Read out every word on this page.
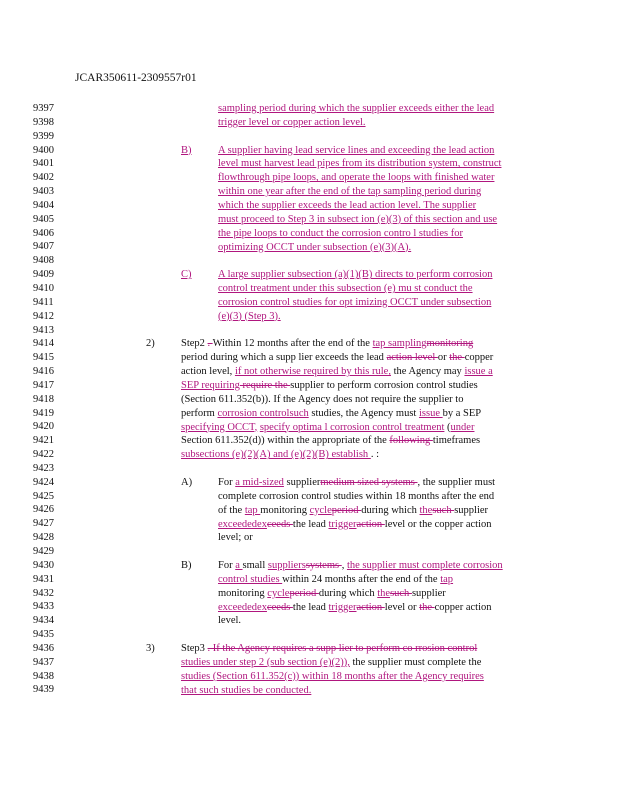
JCAR350611-2309557r01
9397
9398
9399
9400
9401
9402
9403
9404
9405
9406
9407
9408
9409
9410
9411
9412
9413
9414
9415
9416
9417
9418
9419
9420
9421
9422
9423
9424
9425
9426
9427
9428
9429
9430
9431
9432
9433
9434
9435
9436
9437
9438
9439
B)
C)
2)
A)
B)
3)
sampling period during which the supplier exceeds either the lead
trigger level or copper action level.
A supplier having lead service lines and exceeding the lead action
level must harvest lead pipes from its distribution system, construct
flowthrough pipe loops, and operate the loops with finished water
within one year after the end of the tap sampling period during
which the supplier exceeds the lead action level. The supplier
must proceed to Step 3 in subsect ion (e)(3) of this section and use
the pipe loops to conduct the corrosion contro l studies for
optimizing OCCT under subsection (e)(3)(A).
A large supplier subsection (a)(1)(B) directs to perform corrosion
control treatment under this subsection (e) mu st conduct the
corrosion control studies for opt imizing OCCT under subsection
(e)(3) (Step 3).
Step2 . Within 12 months after the end of the tap samplingmonitoring
period during which a supp lier exceeds the lead action level or the copper
action level, if not otherwise required by this rule, the Agency may issue a
SEP requiring require the supplier to perform corrosion control studies
(Section 611.352(b)). If the Agency does not require the supplier to
perform corrosion controlsuch studies, the Agency must issue by a SEP
specifying OCCT, specify optima l corrosion control treatment (under
Section 611.352(d)) within the appropriate of the following timeframes
subsections (e)(2)(A) and (e)(2)(B) establish . :
For a mid-sized suppliermedium sized systems , the supplier must
complete corrosion control studies within 18 months after the end
of the tap monitoring cycleperiod during which thesuch supplier
exceededexceeds the lead triggeraction level or the copper action
level; or
For a small supplierssystems , the supplier must complete corrosion
control studies within 24 months after the end of the tap
monitoring cycleperiod during which thesuch supplier
exceededexceeds the lead triggeraction level or the copper action
level.
Step3 . If the Agency requires a supp lier to perform co rrosion control
studies under step 2 (sub section (e)(2)), the supplier must complete the
studies (Section 611.352(c)) within 18 months after the Agency requires
that such studies be conducted.
